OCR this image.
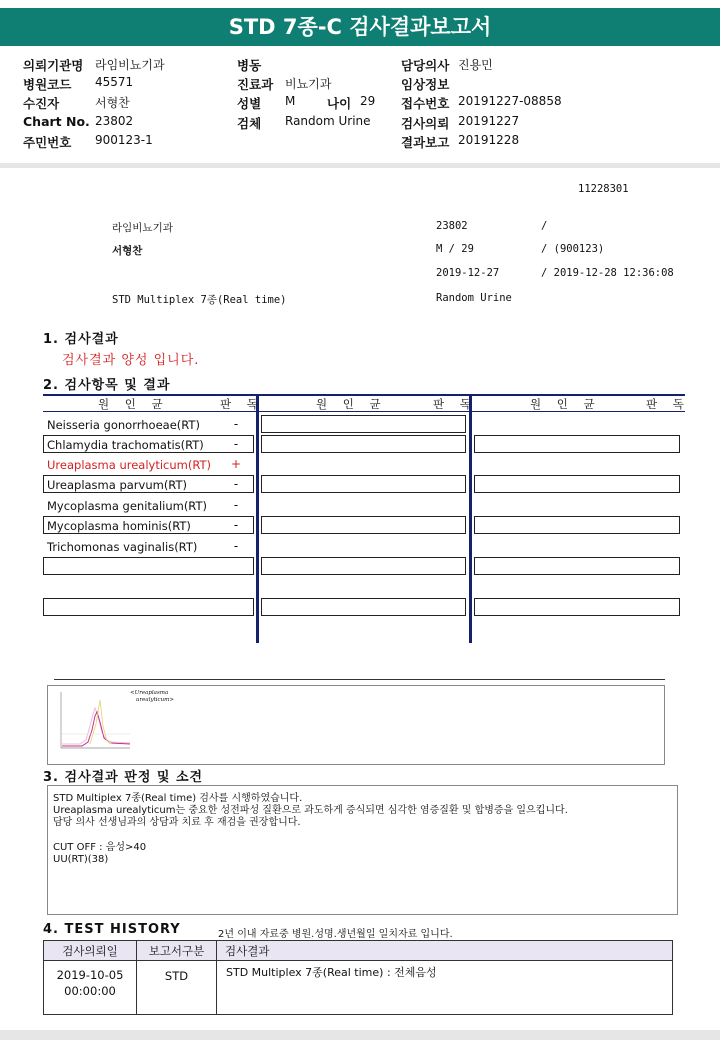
STD 7종-C 검사결과보고서
의뢰기관명 라임비뇨기과
병원코드 45571
수진자	서형찬
Chart No. 23802
주민번호 900123-1
병동
진료과 비뇨기과
성별 M	나이 29
검체 Random Urine
담당의사 진용민
임상정보
접수번호 20191227-08858
검사의뢰 20191227
결과보고 20191228
11228301
라임비뇨기과	23802	/
서형찬	M / 29	/ (900123)
2019-12-27	/ 2019-12-28 12:36:08
STD Multiplex 7종(Real time)	Random Urine
1. 검사결과
검사결과 양성 입니다.
2. 검사항목 및 결과
원 인 균	판 독	원 인 균	판 독	원 인 균	판 독
Neisseria gonorrhoeae(RT)	-
Chlamydia trachomatis(RT)	-
Ureaplasma urealyticum(RT) +
Ureaplasma parvum(RT)	-
Mycoplasma genitalium(RT)	-
Mycoplasma hominis(RT)	-
Trichomonas vaginalis(RT)	-
<Ureaplasma
urealyticum>
3. 검사결과 판정 및 소견
STD Multiplex 7종(Real time) 검사를 시행하였습니다.
Ureaplasma urealyticum는 중요한 성전파성 질환으로 과도하게 증식되면 심각한 염증질환 및 합병증을 일으킵니다.
담당 의사 선생님과의 상담과 치료 후 재검을 권장합니다.
CUT OFF : 음성>40
UU(RT)(38)
4. TEST HISTORY	2년 이내 자료중 병원.성명.생년월일 일치자료 입니다.
검사의뢰일	보고서구분	검사결과
2019-10-05
00:00:00
STD	STD Multiplex 7종(Real time) : 전체음성
